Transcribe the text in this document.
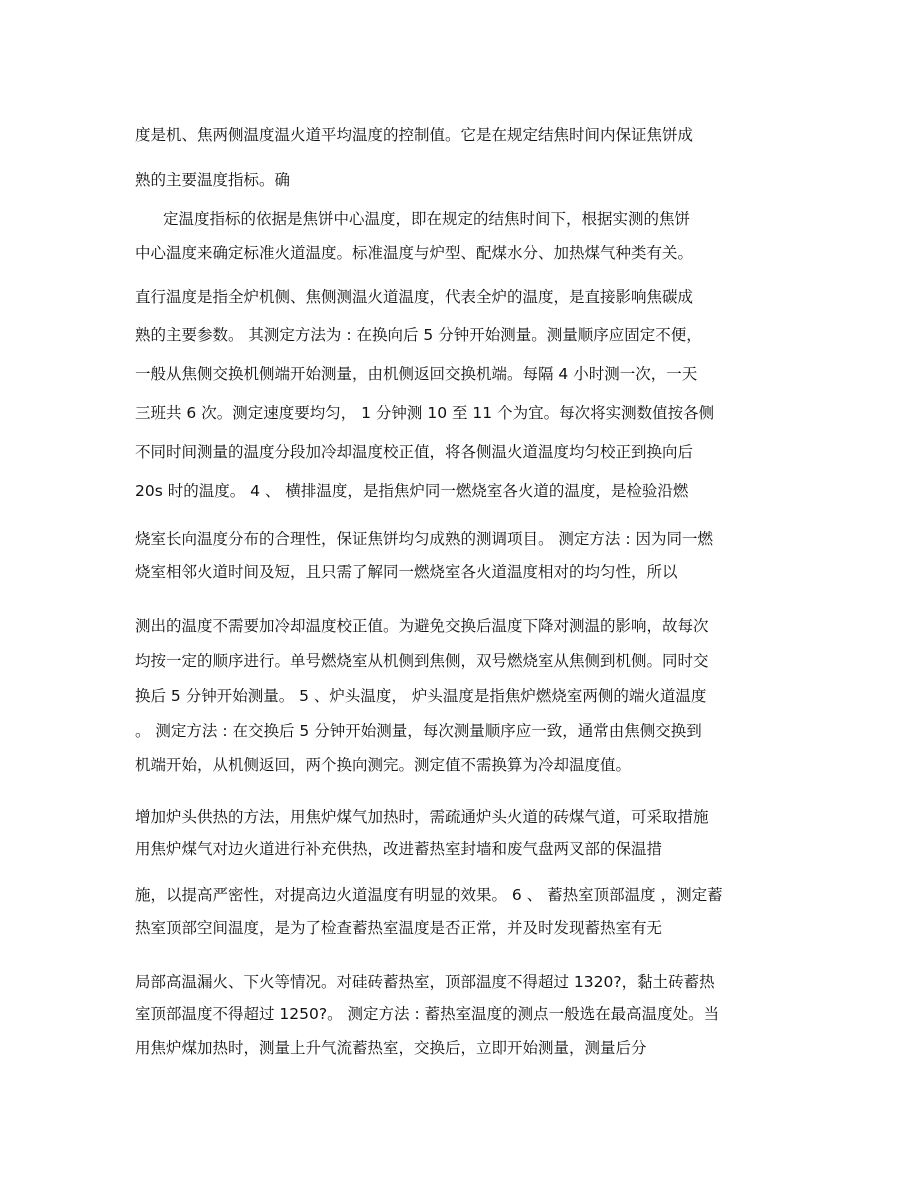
度是机、焦两侧温度温火道平均温度的控制值。它是在规定结焦时间内保证焦饼成
熟的主要温度指标。确
定温度指标的依据是焦饼中心温度，即在规定的结焦时间下，根据实测的焦饼
中心温度来确定标准火道温度。标准温度与炉型、配煤水分、加热煤气种类有关。
直行温度是指全炉机侧、焦侧测温火道温度，代表全炉的温度，是直接影响焦碳成
熟的主要参数。 其测定方法为 : 在换向后 5 分钟开始测量。测量顺序应固定不便，
一般从焦侧交换机侧端开始测量，由机侧返回交换机端。每隔 4 小时测一次，一天
三班共 6 次。测定速度要均匀， 1 分钟测 10 至 11 个为宜。每次将实测数值按各侧
不同时间测量的温度分段加冷却温度校正值，将各侧温火道温度均匀校正到换向后
20s 时的温度。 4 、 横排温度，是指焦炉同一燃烧室各火道的温度，是检验沿燃
烧室长向温度分布的合理性，保证焦饼均匀成熟的测调项目。 测定方法 : 因为同一燃
烧室相邻火道时间及短，且只需了解同一燃烧室各火道温度相对的均匀性，所以
测出的温度不需要加冷却温度校正值。为避免交换后温度下降对测温的影响，故每次
均按一定的顺序进行。单号燃烧室从机侧到焦侧，双号燃烧室从焦侧到机侧。同时交
换后 5 分钟开始测量。 5 、炉头温度， 炉头温度是指焦炉燃烧室两侧的端火道温度
。 测定方法 : 在交换后 5 分钟开始测量，每次测量顺序应一致，通常由焦侧交换到
机端开始，从机侧返回，两个换向测完。测定值不需换算为冷却温度值。
增加炉头供热的方法，用焦炉煤气加热时，需疏通炉头火道的砖煤气道，可采取措施
用焦炉煤气对边火道进行补充供热，改进蓄热室封墙和废气盘两叉部的保温措
施，以提高严密性，对提高边火道温度有明显的效果。 6 、 蓄热室顶部温度 ，测定蓄
热室顶部空间温度，是为了检查蓄热室温度是否正常，并及时发现蓄热室有无
局部高温漏火、下火等情况。对硅砖蓄热室，顶部温度不得超过 1320?，黏土砖蓄热
室顶部温度不得超过 1250?。 测定方法 : 蓄热室温度的测点一般选在最高温度处。当
用焦炉煤加热时，测量上升气流蓄热室，交换后，立即开始测量，测量后分
